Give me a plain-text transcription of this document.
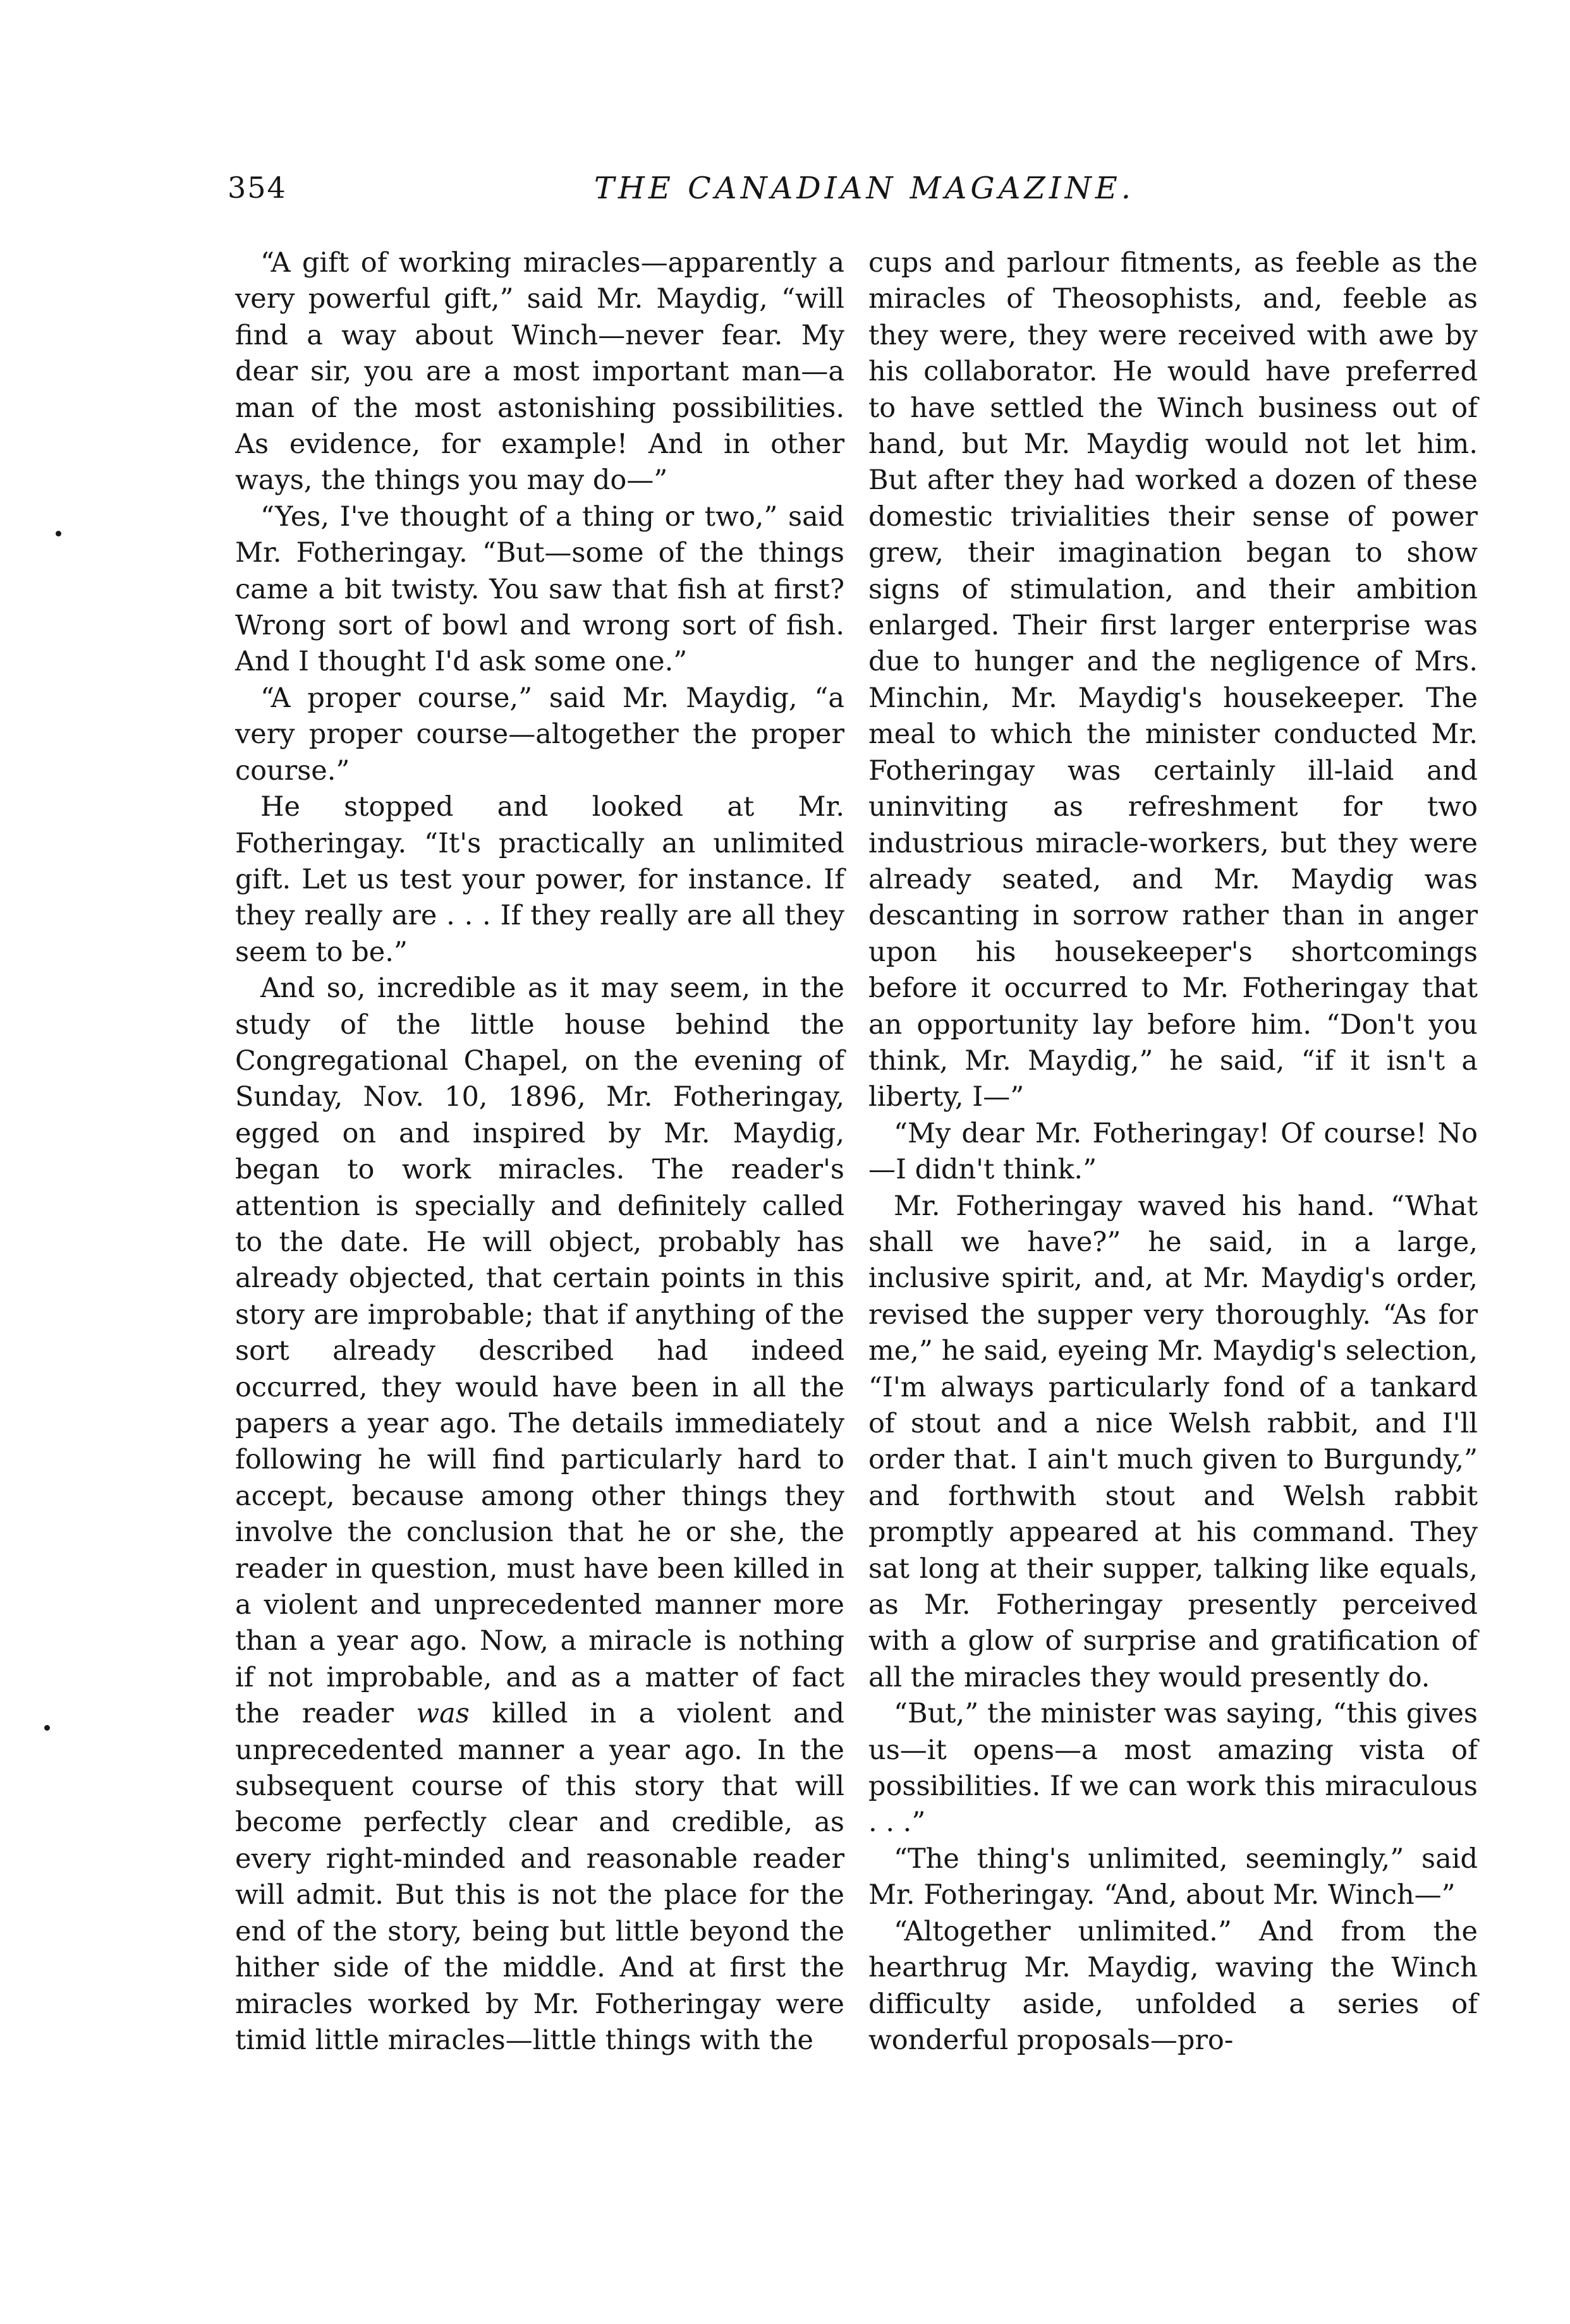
354	THE CANADIAN MAGAZINE.

“A gift of working miracles—apparently a very powerful gift,” said Mr. Maydig, “will find a way about Winch—never fear. My dear sir, you are a most important man—a man of the most astonishing possibilities. As evidence, for example! And in other ways, the things you may do—”

“Yes, I've thought of a thing or two,” said Mr. Fotheringay. “But—some of the things came a bit twisty. You saw that fish at first? Wrong sort of bowl and wrong sort of fish. And I thought I'd ask some one.”

“A proper course,” said Mr. Maydig, “a very proper course—altogether the proper course.”

He stopped and looked at Mr. Fotheringay. “It's practically an unlimited gift. Let us test your power, for instance. If they really are . . . If they really are all they seem to be.”

And so, incredible as it may seem, in the study of the little house behind the Congregational Chapel, on the evening of Sunday, Nov. 10, 1896, Mr. Fotheringay, egged on and inspired by Mr. Maydig, began to work miracles. The reader's attention is specially and definitely called to the date. He will object, probably has already objected, that certain points in this story are improbable; that if anything of the sort already described had indeed occurred, they would have been in all the papers a year ago. The details immediately following he will find particularly hard to accept, because among other things they involve the conclusion that he or she, the reader in question, must have been killed in a violent and unprecedented manner more than a year ago. Now, a miracle is nothing if not improbable, and as a matter of fact the reader was killed in a violent and unprecedented manner a year ago. In the subsequent course of this story that will become perfectly clear and credible, as every right-minded and reasonable reader will admit. But this is not the place for the end of the story, being but little beyond the hither side of the middle. And at first the miracles worked by Mr. Fotheringay were timid little miracles—little things with the

cups and parlour fitments, as feeble as the miracles of Theosophists, and, feeble as they were, they were received with awe by his collaborator. He would have preferred to have settled the Winch business out of hand, but Mr. Maydig would not let him. But after they had worked a dozen of these domestic trivialities their sense of power grew, their imagination began to show signs of stimulation, and their ambition enlarged. Their first larger enterprise was due to hunger and the negligence of Mrs. Minchin, Mr. Maydig's housekeeper. The meal to which the minister conducted Mr. Fotheringay was certainly ill-laid and uninviting as refreshment for two industrious miracle-workers, but they were already seated, and Mr. Maydig was descanting in sorrow rather than in anger upon his housekeeper's shortcomings before it occurred to Mr. Fotheringay that an opportunity lay before him. “Don't you think, Mr. Maydig,” he said, “if it isn't a liberty, I—”

“My dear Mr. Fotheringay! Of course! No—I didn't think.”

Mr. Fotheringay waved his hand. “What shall we have?” he said, in a large, inclusive spirit, and, at Mr. Maydig's order, revised the supper very thoroughly. “As for me,” he said, eyeing Mr. Maydig's selection, “I'm always particularly fond of a tankard of stout and a nice Welsh rabbit, and I'll order that. I ain't much given to Burgundy,” and forthwith stout and Welsh rabbit promptly appeared at his command. They sat long at their supper, talking like equals, as Mr. Fotheringay presently perceived with a glow of surprise and gratification of all the miracles they would presently do.

“But,” the minister was saying, “this gives us—it opens—a most amazing vista of possibilities. If we can work this miraculous . . .”

“The thing's unlimited, seemingly,” said Mr. Fotheringay. “And, about Mr. Winch—”

“Altogether unlimited.” And from the hearthrug Mr. Maydig, waving the Winch difficulty aside, unfolded a series of wonderful proposals—pro-
